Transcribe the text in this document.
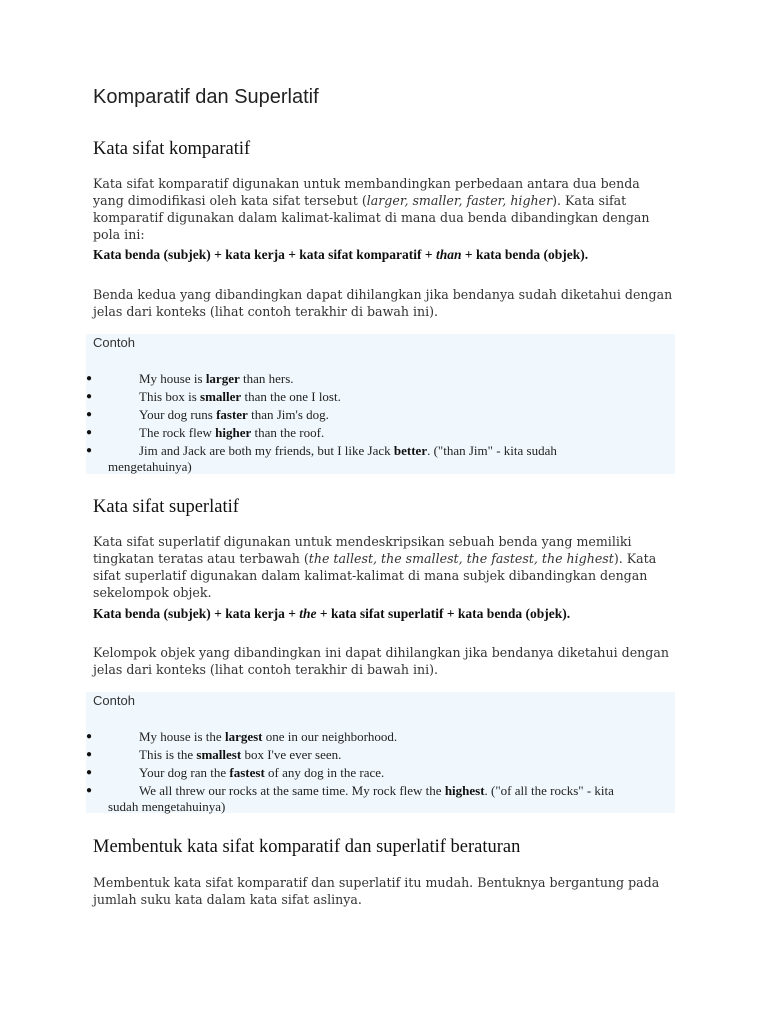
Komparatif dan Superlatif
Kata sifat komparatif

Kata sifat komparatif digunakan untuk membandingkan perbedaan antara dua benda yang dimodifikasi oleh kata sifat tersebut (larger, smaller, faster, higher). Kata sifat komparatif digunakan dalam kalimat-kalimat di mana dua benda dibandingkan dengan pola ini:

Kata benda (subjek) + kata kerja + kata sifat komparatif + than + kata benda (objek).

Benda kedua yang dibandingkan dapat dihilangkan jika bendanya sudah diketahui dengan jelas dari konteks (lihat contoh terakhir di bawah ini).

Contoh
●	My house is larger than hers.
●	This box is smaller than the one I lost.
●	Your dog runs faster than Jim's dog.
●	The rock flew higher than the roof.
●	Jim and Jack are both my friends, but I like Jack better. ("than Jim" - kita sudah
mengetahuinya)
Kata sifat superlatif

Kata sifat superlatif digunakan untuk mendeskripsikan sebuah benda yang memiliki tingkatan teratas atau terbawah (the tallest, the smallest, the fastest, the highest). Kata sifat superlatif digunakan dalam kalimat-kalimat di mana subjek dibandingkan dengan sekelompok objek.

Kata benda (subjek) + kata kerja + the + kata sifat superlatif + kata benda (objek).

Kelompok objek yang dibandingkan ini dapat dihilangkan jika bendanya diketahui dengan jelas dari konteks (lihat contoh terakhir di bawah ini).

Contoh
●	My house is the largest one in our neighborhood.
●	This is the smallest box I've ever seen.
●	Your dog ran the fastest of any dog in the race.
●	We all threw our rocks at the same time. My rock flew the highest. ("of all the rocks" - kita
sudah mengetahuinya)
Membentuk kata sifat komparatif dan superlatif beraturan

Membentuk kata sifat komparatif dan superlatif itu mudah. Bentuknya bergantung pada jumlah suku kata dalam kata sifat aslinya.
